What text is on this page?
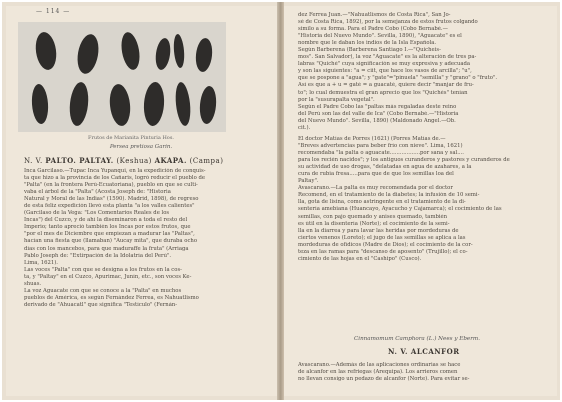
— 114 —
Frutos de Marianita Pinturia Hos.
Persea pretiosa Garin.
N. V. PALTO. PALTAY. (Keshua) AKAPA. (Campa)
Inca Garcilaso.—Tupac Inca Yupanqui, en la expedición de conquis-
ta que hizo a la provincia de los Cañaris, logró reducir el pueblo de
"Palta" (en la frontera Perú-Ecuatoriana), pueblo en que se culti-
vaba el árbol de la "Palta" (Acosta Joseph de: "Historia
Natural y Moral de las Indias" (1590). Madrid, 1898), de regreso
de esta feliz expedición llevó esta planta "a los valles calientes"
(Garcilaso de la Vega: "Los Comentarios Reales de los
Incas") del Cuzco, y de ahí la diseminaron a toda el resto del
Imperio; tanto apreció también los Incas por estos frutos, que
"por el mes de Diciembre que empiezan a madurar las "Paltas",
hacían una fiesta que (llamaban) "Aucay mita", que duraba ocho
días con los mancebos, para que maduraffe la fruta" (Arriaga
Pablo Joseph de: "Extirpación de la Idolatría del Perú".
Lima, 1621).
Las voces "Palta" con que se designa a los frutos en la cos-
ta, y "Paltay" en el Cuzco, Apurimac, Junín, etc., son voces Ke-
shuas.
La voz Aguacate con que se conoce a la "Palta" en muchos
pueblos de América, es según Fernández Ferrea, es Nahuatlismo
derivado de "Ahuacatl" que significa "Testículo" (Fernán-
dez Ferrea Juan.—"Nahuatlismos de Costa Rica", San Jo-
sé de Costa Rica, 1892), por la semejanza de estos frutos colgando
similo a su forma. Para el Padre Cobo (Cobo Bernabé.—
"Historia del Nuevo Mundo". Sevilla, 1890), "Aguacate" es el
nombre que le daban los indios de la Isla Española.
Según Barberena (Barberena Santiago I.—"Quicheis-
mos". San Salvador), la voz "Aguacate" es la alteración de tres pa-
labras "Quiché" cuya significación se muy expresiva y adecuada
y son las siguientes: "a = ciit, que hace los vasos de arcilla"; "u",
que se pospone a "agua"; y "gate"="pinuela" "semilla" y "grano" o "fruto".
Así es que a + u = gaté = a guacaté, quiere decir "manjar de fru-
to"; lo cual demuestra el gran aprecio que los "Quichés" tenían
por la "susurapalta vegetal".
Según el Padre Cobo las "paltas más regaladas deste reino
del Perú son las del valle de Ica" (Cobo Bernabé.—"Historia
del Nuevo Mundo". Sevilla, 1890) (Maldonado Angel.—Ob.
cit.).
El doctor Matías de Porres (1621) (Porres Matías de.—
"Breves advertencias para beber frío con nieve". Lima, 1621)
recomendaba "la palta o aguacate..................por sana y sal....
para los recién nacidos"; y los antiguos curanderos y pastores y curanderos de
su actividad de uso drogas, "delatadas en agua de azahares, a la
cura de rubia fresa.....para que de que los semillas loa del
Paltay".
Avascarano.—La palta es muy recomendada por el doctor
Recomend, en el tratamiento de la diabetes; la infusión de 10 semi-
lla, gota de lisina, como astringente en el tratamiento de la di-
sentería amebiana (Huancayo, Ayacucho y Cajamarca); el cocimiento de las
semillas, con pajo quemado y anises quemado, también
es útil en la disentería (Norte); el cocimiento de la semi-
lla en la diarrea y para lavar las heridas por mordeduras de
ciertos venenos (Loreto); el jugo de las semillas se aplica a las
mordeduras de ofídicos (Madre de Dios); el cocimiento de la cor-
teza en las ramas para "descanso de aposento" (Trujillo); el co-
cimiento de las hojas en el "Cashipo" (Cusco).
Cinnamomum Camphora (L.) Nees y Eberm.
N. V. ALCANFOR
Avascarano.—Además de las aplicaciones ordinarias se hace
de alcanfor en las refriegas (Arequipa). Los arrieros comen
no llevan consigo un pedazo de alcanfor (Norte). Para evitar se-
